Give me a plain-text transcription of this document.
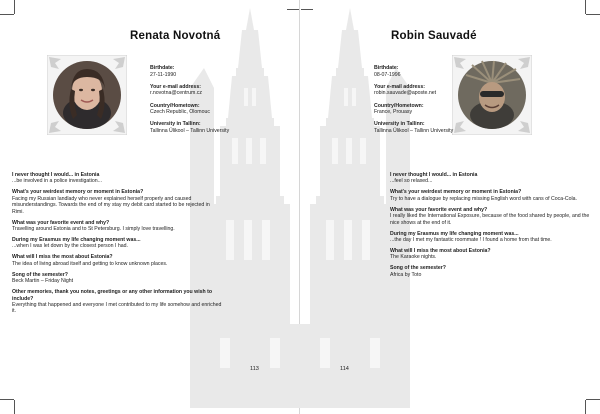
Renata Novotná
Birthdate:
27-11-1990
Your e-mail address:
r.novotna@centrum.cz
Country/Hometown:
Czech Republic, Olomouc
University in Tallinn:
Tallinna Ülikool – Tallinn University
I never thought I would... in Estonia
...be involved in a police investigation...
What's your weirdest memory or moment in Estonia?
Facing my Russian landlady who never explained herself properly and caused misunderstandings. Towards the end of my stay my debit card started to be rejected in Rimi.
What was your favorite event and why?
Travelling around Estonia and to St Petersburg. I simply love travelling.
During my Erasmus my life changing moment was...
...when I was let down by the closest person I had.
What will I miss the most about Estonia?
The idea of living abroad itself and getting to know unknown places.
Song of the semester?
Beck Martin – Friday Night
Other memories, thank you notes, greetings or any other information you wish to include?
Everything that happened and everyone I met contributed to my life somehow and enriched it.
113
Robin Sauvadé
Birthdate:
08-07-1996
Your e-mail address:
robin.sauvade@aposte.net
Country/Hometown:
France, Prouasy
University in Tallinn:
Tallinna Ülikool – Tallinn University
I never thought I would... in Estonia
...feel so relaxed...
What's your weirdest memory or moment in Estonia?
Try to have a dialogue by replacing missing English word with cans of Coca-Cola.
What was your favorite event and why?
I really liked the International Exposure, because of the food shared by people, and the nice shows at the end of it.
During my Erasmus my life changing moment was...
...the day I met my fantastic roommate ! I found a home from that time.
What will I miss the most about Estonia?
The Karaoke nights.
Song of the semester?
Africa by Toto
114
